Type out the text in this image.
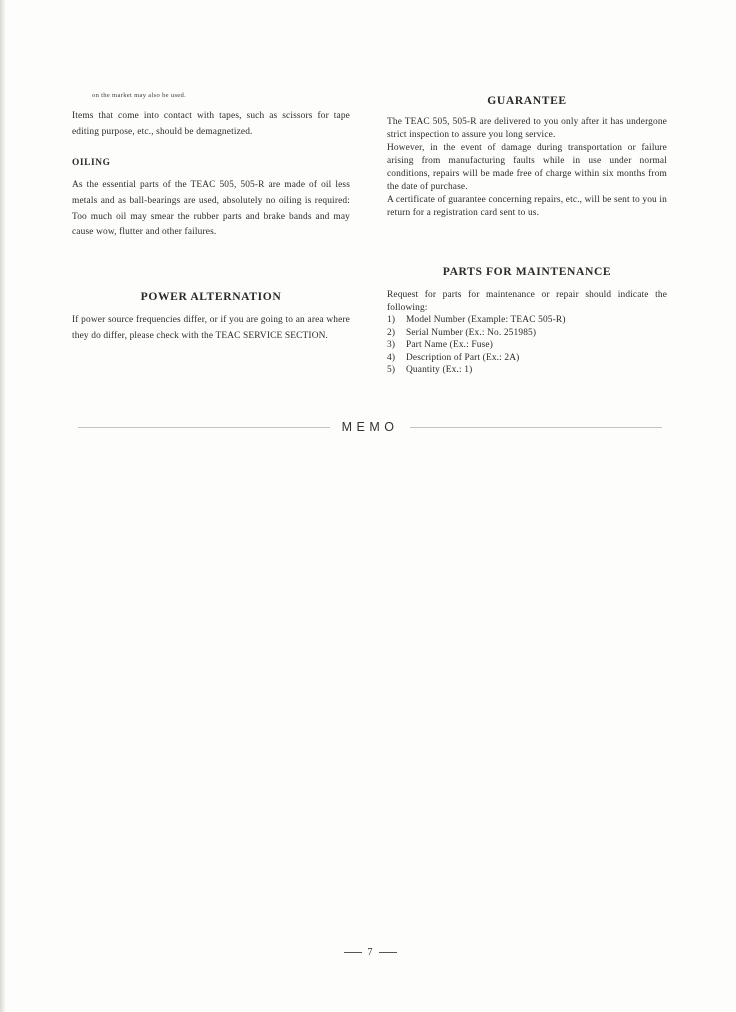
on the market may also be used.
Items that come into contact with tapes, such as scissors for tape editing purpose, etc., should be demagnetized.
OILING
As the essential parts of the TEAC 505, 505-R are made of oil less metals and as ball-bearings are used, absolutely no oiling is required: Too much oil may smear the rubber parts and brake bands and may cause wow, flutter and other failures.
POWER ALTERNATION
If power source frequencies differ, or if you are going to an area where they do differ, please check with the TEAC SERVICE SECTION.
GUARANTEE
The TEAC 505, 505-R are delivered to you only after it has undergone strict inspection to assure you long service.
However, in the event of damage during transportation or failure arising from manufacturing faults while in use under normal conditions, repairs will be made free of charge within six months from the date of purchase.
A certificate of guarantee concerning repairs, etc., will be sent to you in return for a registration card sent to us.
PARTS FOR MAINTENANCE
Request for parts for maintenance or repair should indicate the following:
1)	Model Number (Example: TEAC 505-R)
2)	Serial Number (Ex.: No. 251985)
3)	Part Name (Ex.: Fuse)
4)	Description of Part (Ex.: 2A)
5)	Quantity (Ex.: 1)
MEMO
7
